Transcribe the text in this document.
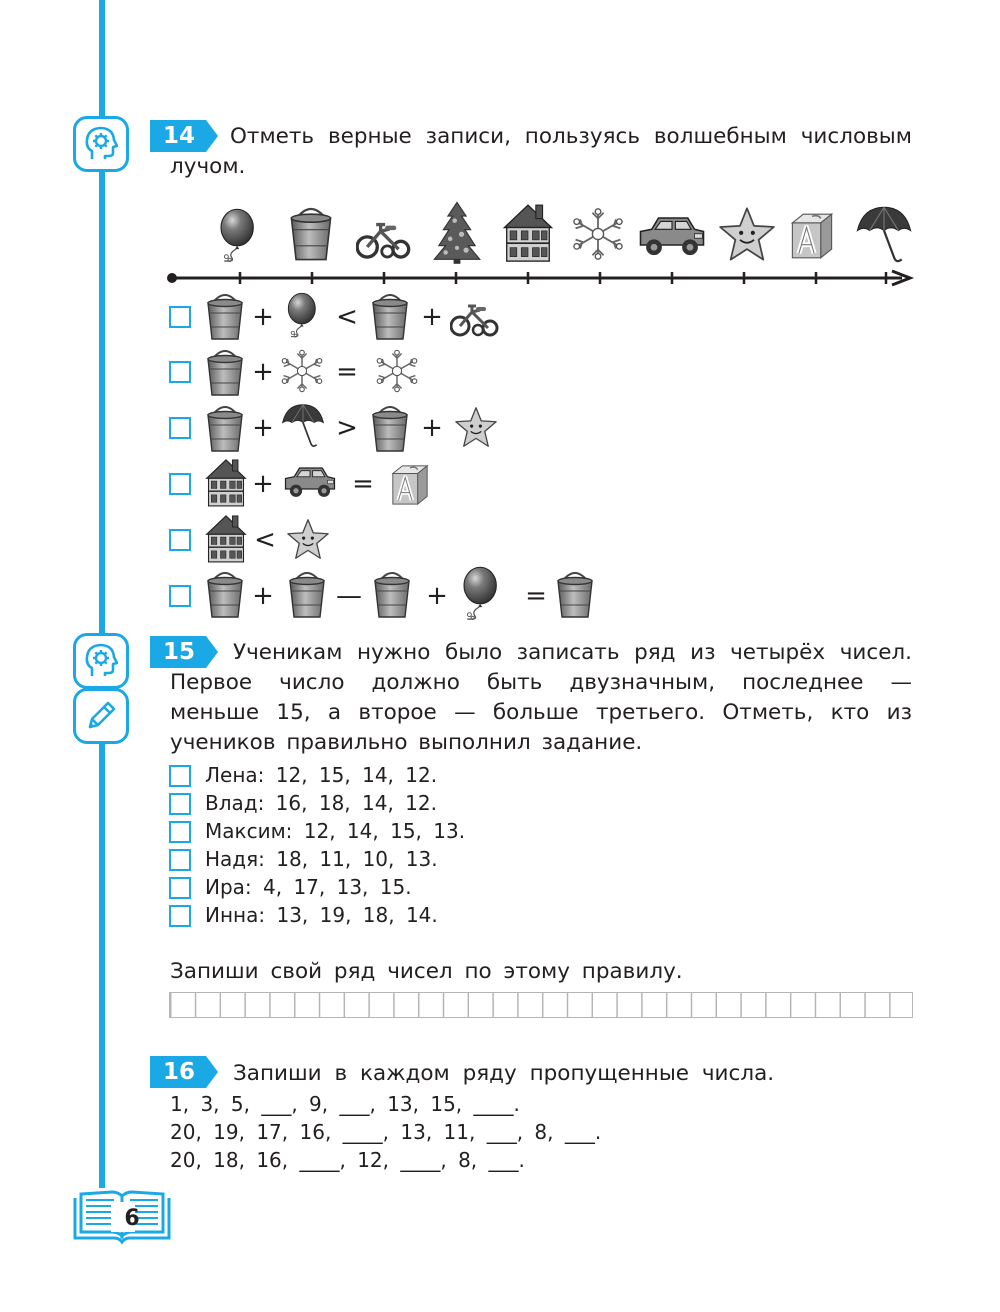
14	Отметь верные записи, пользуясь волшебным числовым

лучом.

+ < +
+ =
+ > +
+	=
<
+ — +	=
15	Ученикам нужно было записать ряд из четырёх чисел.

Первое число должно быть двузначным, последнее —

меньше 15, а второе — больше третьего. Отметь, кто из

учеников правильно выполнил задание.

Лена: 12, 15, 14, 12.
Влад: 16, 18, 14, 12.
Максим: 12, 14, 15, 13.
Надя: 18, 11, 10, 13.
Ира: 4, 17, 13, 15.
Инна: 13, 19, 18, 14.

Запиши свой ряд чисел по этому правилу.

16	Запиши в каждом ряду пропущенные числа.

1, 3, 5, ___, 9, ___, 13, 15, ____.
20, 19, 17, 16, ____, 13, 11, ___, 8, ___.
20, 18, 16, ____, 12, ____, 8, ___.
6
